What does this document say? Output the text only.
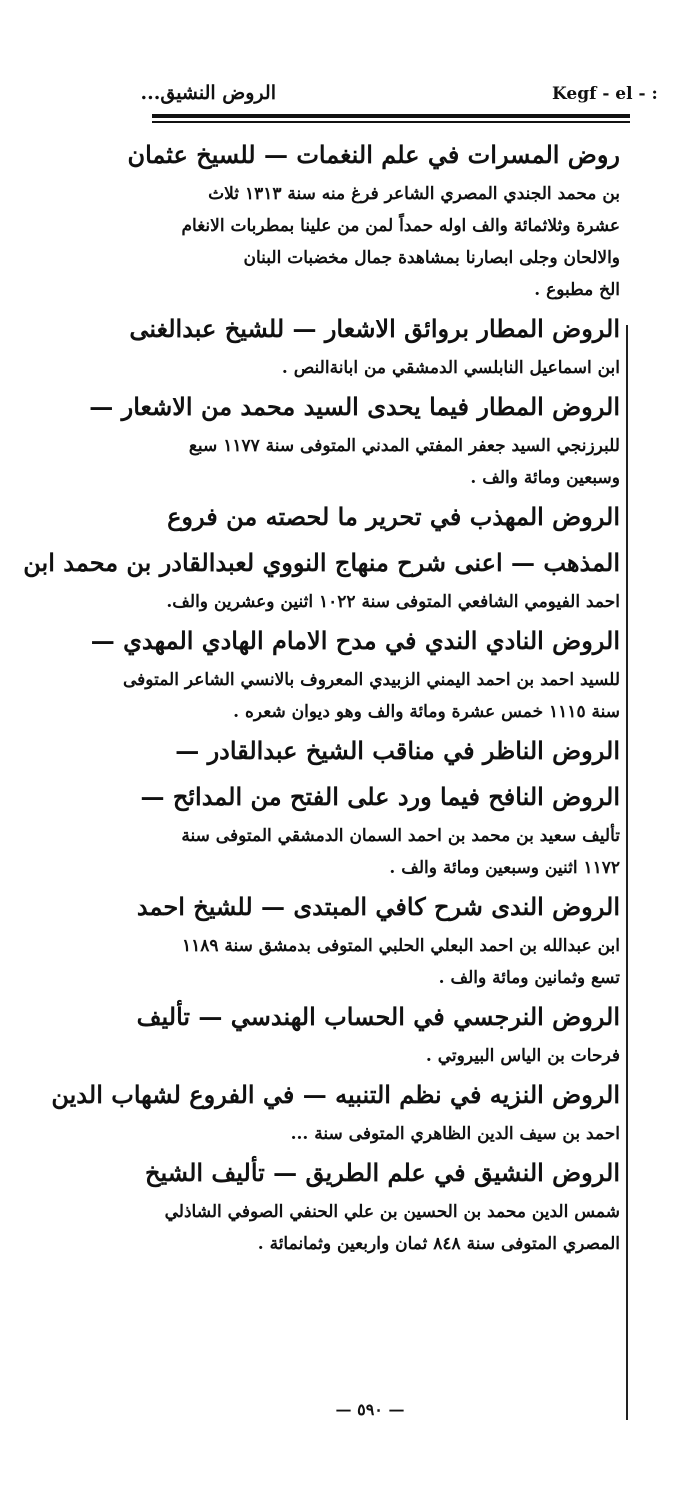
Kegf - el - :
الروض النشيق...
روض المسرات في علم النغمات — للسيخ عثمان
بن محمد الجندي المصري الشاعر فرغ منه سنة ١٣١٣ ثلاث
عشرة وثلاثمائة والف اوله حمداً لمن من علينا بمطربات الانغام
والالحان وجلى ابصارنا بمشاهدة جمال مخضبات البنان
الخ مطبوع .
الروض المطار بروائق الاشعار — للشيخ عبدالغنى
ابن اسماعيل النابلسي الدمشقي من ابانةالنص .
الروض المطار فيما يحدى السيد محمد من الاشعار —
للبرزنجي السيد جعفر المفتي المدني المتوفى سنة ١١٧٧ سبع
وسبعين ومائة والف .
الروض المهذب في تحرير ما لحصته من فروع
المذهب — اعنى شرح منهاج النووي لعبدالقادر بن محمد ابن
احمد الفيومي الشافعي المتوفى سنة ١٠٢٢ اثنين وعشرين والف.
الروض النادي الندي في مدح الامام الهادي المهدي —
للسيد احمد بن احمد اليمني الزبيدي المعروف بالانسي الشاعر المتوفى
سنة ١١١٥ خمس عشرة ومائة والف وهو ديوان شعره .
الروض الناظر في مناقب الشيخ عبدالقادر —
الروض النافح فيما ورد على الفتح من المدائح —
تأليف سعيد بن محمد بن احمد السمان الدمشقي المتوفى سنة
١١٧٢ اثنين وسبعين ومائة والف .
الروض الندى شرح كافي المبتدى — للشيخ احمد
ابن عبدالله بن احمد البعلي الحلبي المتوفى بدمشق سنة ١١٨٩
تسع وثمانين ومائة والف .
الروض النرجسي في الحساب الهندسي — تأليف
فرحات بن الياس البيروتي .
الروض النزيه في نظم التنبيه — في الفروع لشهاب الدين
احمد بن سيف الدين الظاهري المتوفى سنة ...
الروض النشيق في علم الطريق — تأليف الشيخ
شمس الدين محمد بن الحسين بن علي الحنفي الصوفي الشاذلي
المصري المتوفى سنة ٨٤٨ ثمان واربعين وثمانمائة .
— ٥٩٠ —
